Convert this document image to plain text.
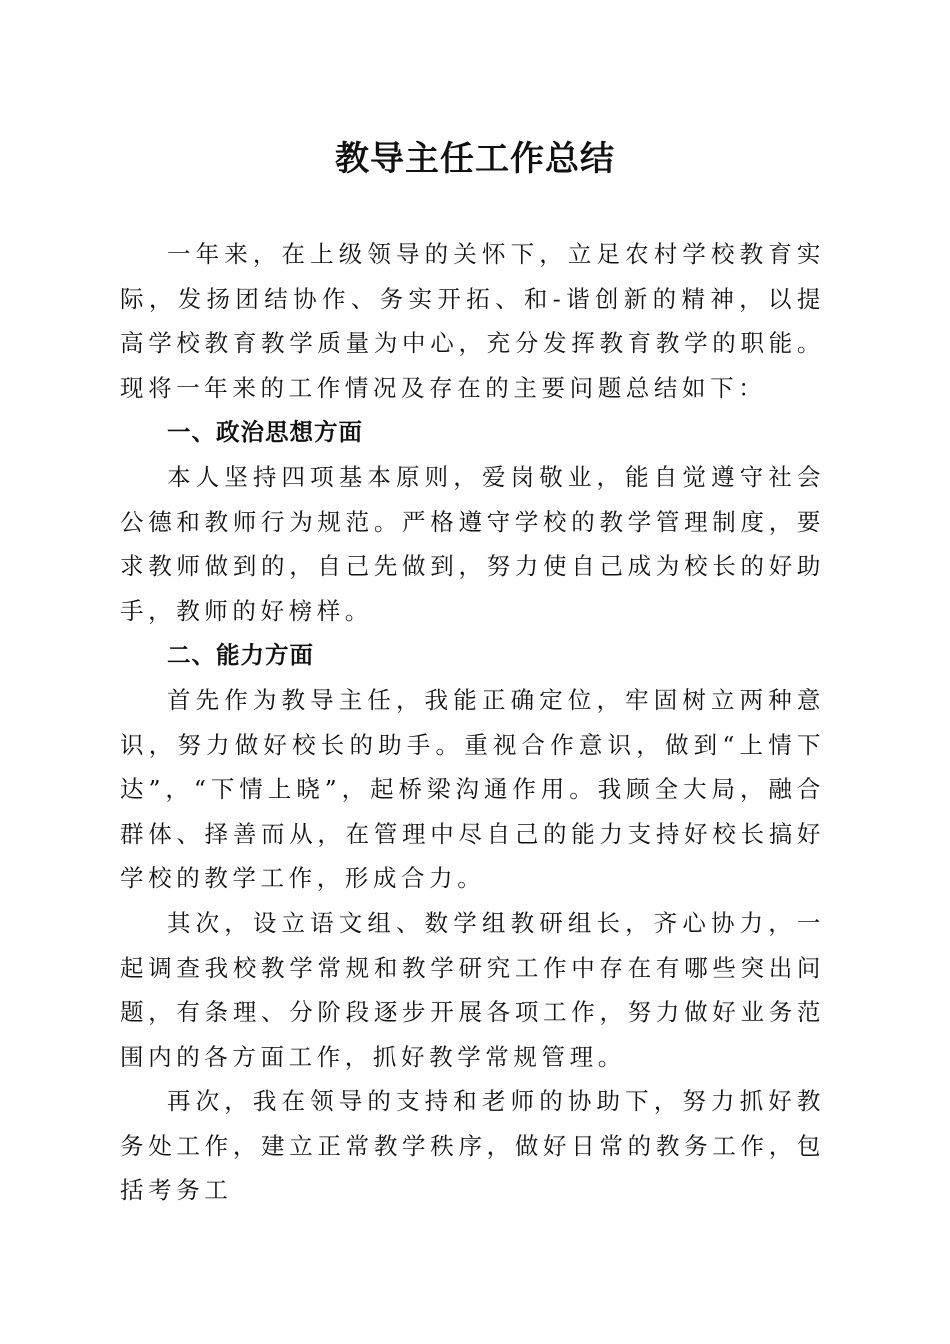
教导主任工作总结

一年来，在上级领导的关怀下，立足农村学校教育实际，发扬团结协作、务实开拓、和-谐创新的精神，以提高学校教育教学质量为中心，充分发挥教育教学的职能。现将一年来的工作情况及存在的主要问题总结如下：

一、政治思想方面

本人坚持四项基本原则，爱岗敬业，能自觉遵守社会公德和教师行为规范。严格遵守学校的教学管理制度，要求教师做到的，自己先做到，努力使自己成为校长的好助手，教师的好榜样。

二、能力方面

首先作为教导主任，我能正确定位，牢固树立两种意识，努力做好校长的助手。重视合作意识，做到“上情下达”，“下情上晓”，起桥梁沟通作用。我顾全大局，融合群体、择善而从，在管理中尽自己的能力支持好校长搞好学校的教学工作，形成合力。

其次，设立语文组、数学组教研组长，齐心协力，一起调查我校教学常规和教学研究工作中存在有哪些突出问题，有条理、分阶段逐步开展各项工作，努力做好业务范围内的各方面工作，抓好教学常规管理。

再次，我在领导的支持和老师的协助下，努力抓好教务处工作，建立正常教学秩序，做好日常的教务工作，包括考务工
